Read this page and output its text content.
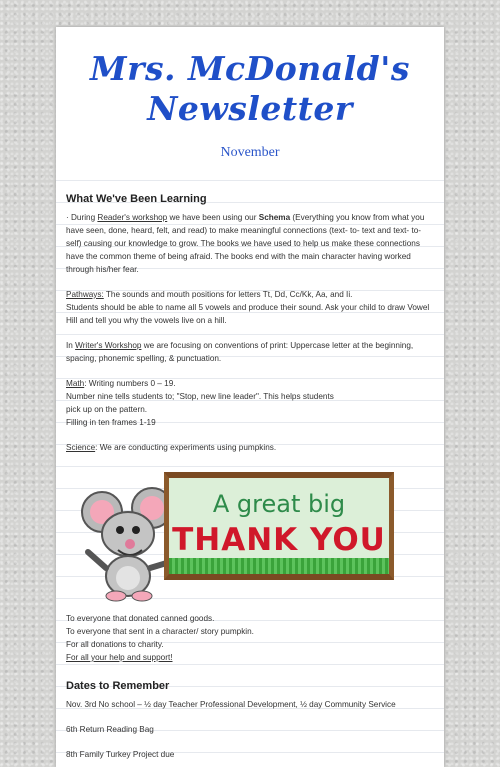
Mrs. McDonald's Newsletter
November
What We've Been Learning
· During Reader's workshop we have been using our Schema (Everything you know from what you have seen, done, heard, felt, and read) to make meaningful connections (text- to- text and text- to-self) causing our knowledge to grow. The books we have used to help us make these connections have the common theme of being afraid. The books end with the main character having worked through his/her fear.
Pathways: The sounds and mouth positions for letters Tt, Dd, Cc/Kk, Aa, and Ii.
Students should be able to name all 5 vowels and produce their sound. Ask your child to draw Vowel Hill and tell you why the vowels live on a hill.
In Writer's Workshop we are focusing on conventions of print: Uppercase letter at the beginning, spacing, phonemic spelling, & punctuation.
Math: Writing numbers 0 – 19.
Number nine tells students to; "Stop, new line leader". This helps students
pick up on the pattern.
Filling in ten frames 1-19
Science: We are conducting experiments using pumpkins.
A great big
THANK YOU
To everyone that donated canned goods.
To everyone that sent in a character/ story pumpkin.
For all donations to charity.
For all your help and support!
Dates to Remember
Nov. 3rd No school – ½ day Teacher Professional Development, ½ day Community Service
6th Return Reading Bag
8th Family Turkey Project due
